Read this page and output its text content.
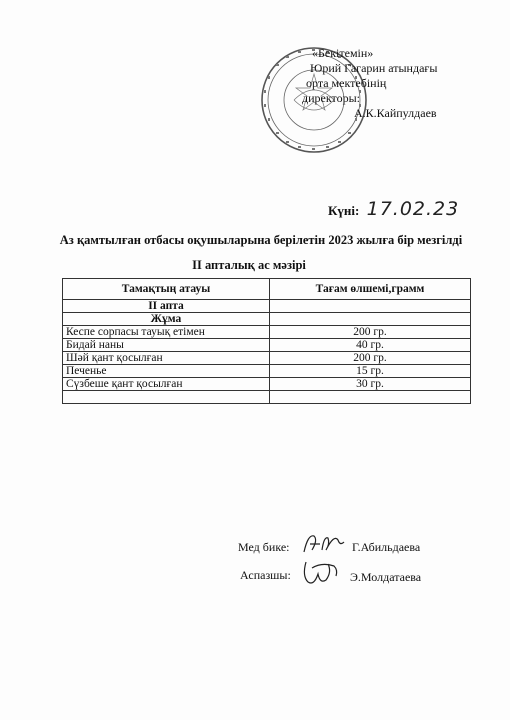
«Бекітемін»
Юрий Гагарин атындағы
орта мектебінің
директоры:
А.К.Кайпулдаев
Күні: 17.02.23
Аз қамтылған отбасы оқушыларына берілетін 2023 жылға бір мезгілді
ІІ апталық ас мәзірі
Тамақтың атауы	Тағам өлшемі,грамм
ІІ апта	
Жұма	
Кеспе сорпасы тауық етімен	200 гр.
Бидай наны	40 гр.
Шәй қант қосылған	200 гр.
Печенье	15 гр.
Сүзбеше қант қосылған	30 гр.

Мед бике:	Г.Абильдаева
Аспазшы:	Э.Молдатаева
